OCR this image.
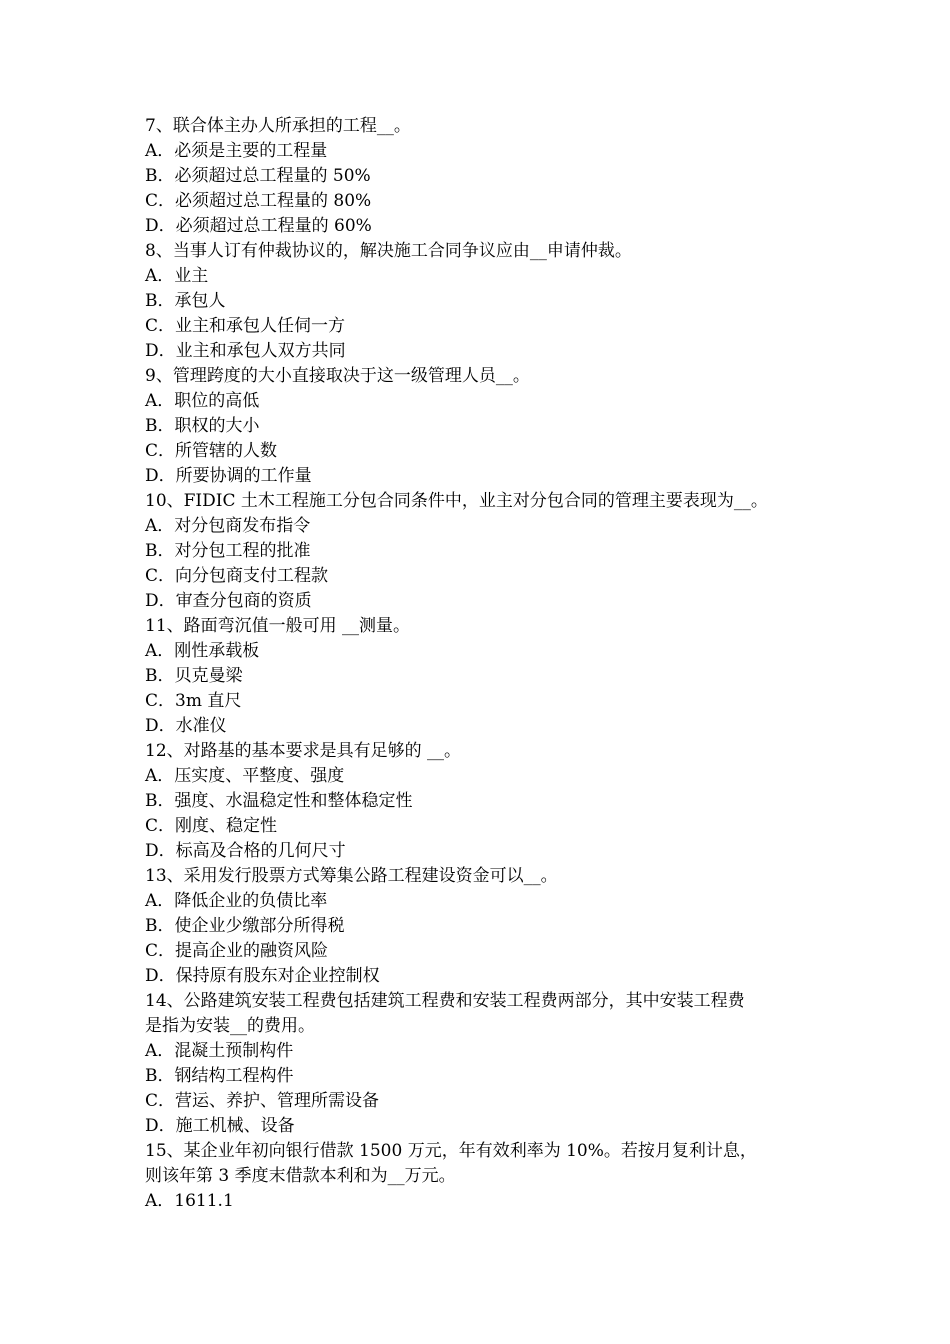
7、联合体主办人所承担的工程__。
A．必须是主要的工程量
B．必须超过总工程量的 50%
C．必须超过总工程量的 80%
D．必须超过总工程量的 60%
8、当事人订有仲裁协议的，解决施工合同争议应由__申请仲裁。
A．业主
B．承包人
C．业主和承包人任伺一方
D．业主和承包人双方共同
9、管理跨度的大小直接取决于这一级管理人员__。
A．职位的高低
B．职权的大小
C．所管辖的人数
D．所要协调的工作量
10、FIDIC 土木工程施工分包合同条件中，业主对分包合同的管理主要表现为__。
A．对分包商发布指令
B．对分包工程的批准
C．向分包商支付工程款
D．审查分包商的资质
11、路面弯沉值一般可用 __测量。
A．刚性承载板
B．贝克曼梁
C．3m 直尺
D．水准仪
12、对路基的基本要求是具有足够的 __。
A．压实度、平整度、强度
B．强度、水温稳定性和整体稳定性
C．刚度、稳定性
D．标高及合格的几何尺寸
13、采用发行股票方式筹集公路工程建设资金可以__。
A．降低企业的负债比率
B．使企业少缴部分所得税
C．提高企业的融资风险
D．保持原有股东对企业控制权
14、公路建筑安装工程费包括建筑工程费和安装工程费两部分，其中安装工程费
是指为安装__的费用。
A．混凝土预制构件
B．钢结构工程构件
C．营运、养护、管理所需设备
D．施工机械、设备
15、某企业年初向银行借款 1500 万元，年有效利率为 10%。若按月复利计息，
则该年第 3 季度末借款本利和为__万元。
A．1611.1
